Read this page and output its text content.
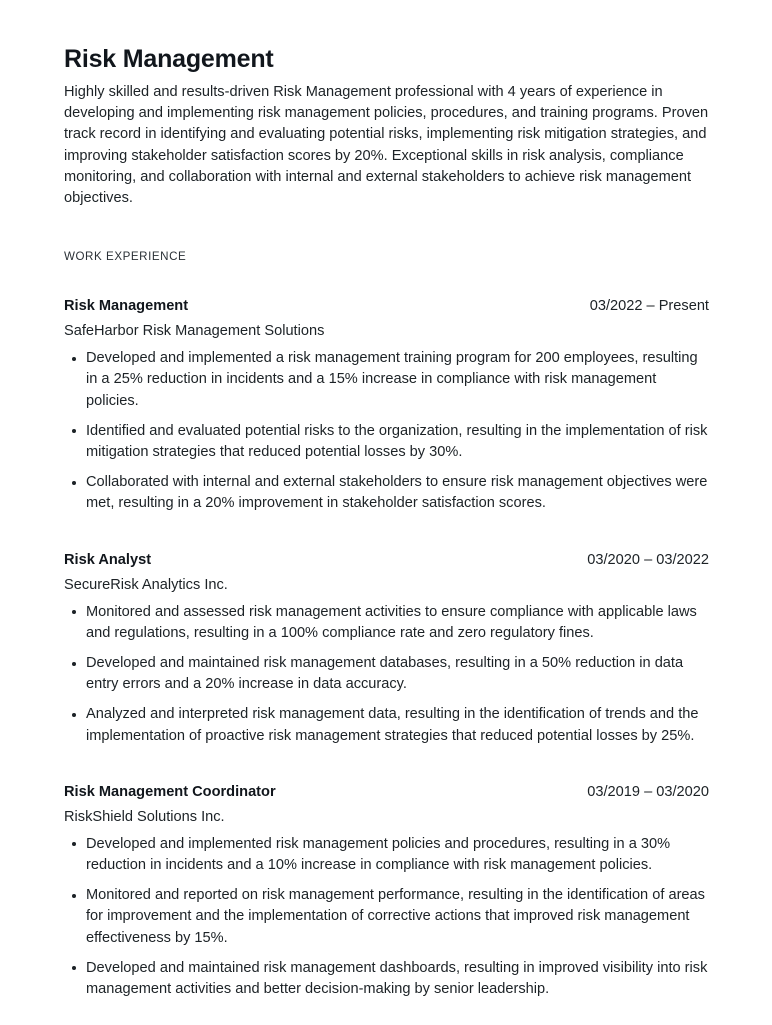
Risk Management

Highly skilled and results-driven Risk Management professional with 4 years of experience in developing and implementing risk management policies, procedures, and training programs. Proven track record in identifying and evaluating potential risks, implementing risk mitigation strategies, and improving stakeholder satisfaction scores by 20%. Exceptional skills in risk analysis, compliance monitoring, and collaboration with internal and external stakeholders to achieve risk management objectives.

WORK EXPERIENCE
Risk Management	03/2022 – Present
SafeHarbor Risk Management Solutions
Developed and implemented a risk management training program for 200 employees, resulting in a 25% reduction in incidents and a 15% increase in compliance with risk management policies.
Identified and evaluated potential risks to the organization, resulting in the implementation of risk mitigation strategies that reduced potential losses by 30%.
Collaborated with internal and external stakeholders to ensure risk management objectives were met, resulting in a 20% improvement in stakeholder satisfaction scores.
Risk Analyst	03/2020 – 03/2022
SecureRisk Analytics Inc.
Monitored and assessed risk management activities to ensure compliance with applicable laws and regulations, resulting in a 100% compliance rate and zero regulatory fines.
Developed and maintained risk management databases, resulting in a 50% reduction in data entry errors and a 20% increase in data accuracy.
Analyzed and interpreted risk management data, resulting in the identification of trends and the implementation of proactive risk management strategies that reduced potential losses by 25%.
Risk Management Coordinator	03/2019 – 03/2020
RiskShield Solutions Inc.
Developed and implemented risk management policies and procedures, resulting in a 30% reduction in incidents and a 10% increase in compliance with risk management policies.
Monitored and reported on risk management performance, resulting in the identification of areas for improvement and the implementation of corrective actions that improved risk management effectiveness by 15%.
Developed and maintained risk management dashboards, resulting in improved visibility into risk management activities and better decision-making by senior leadership.
